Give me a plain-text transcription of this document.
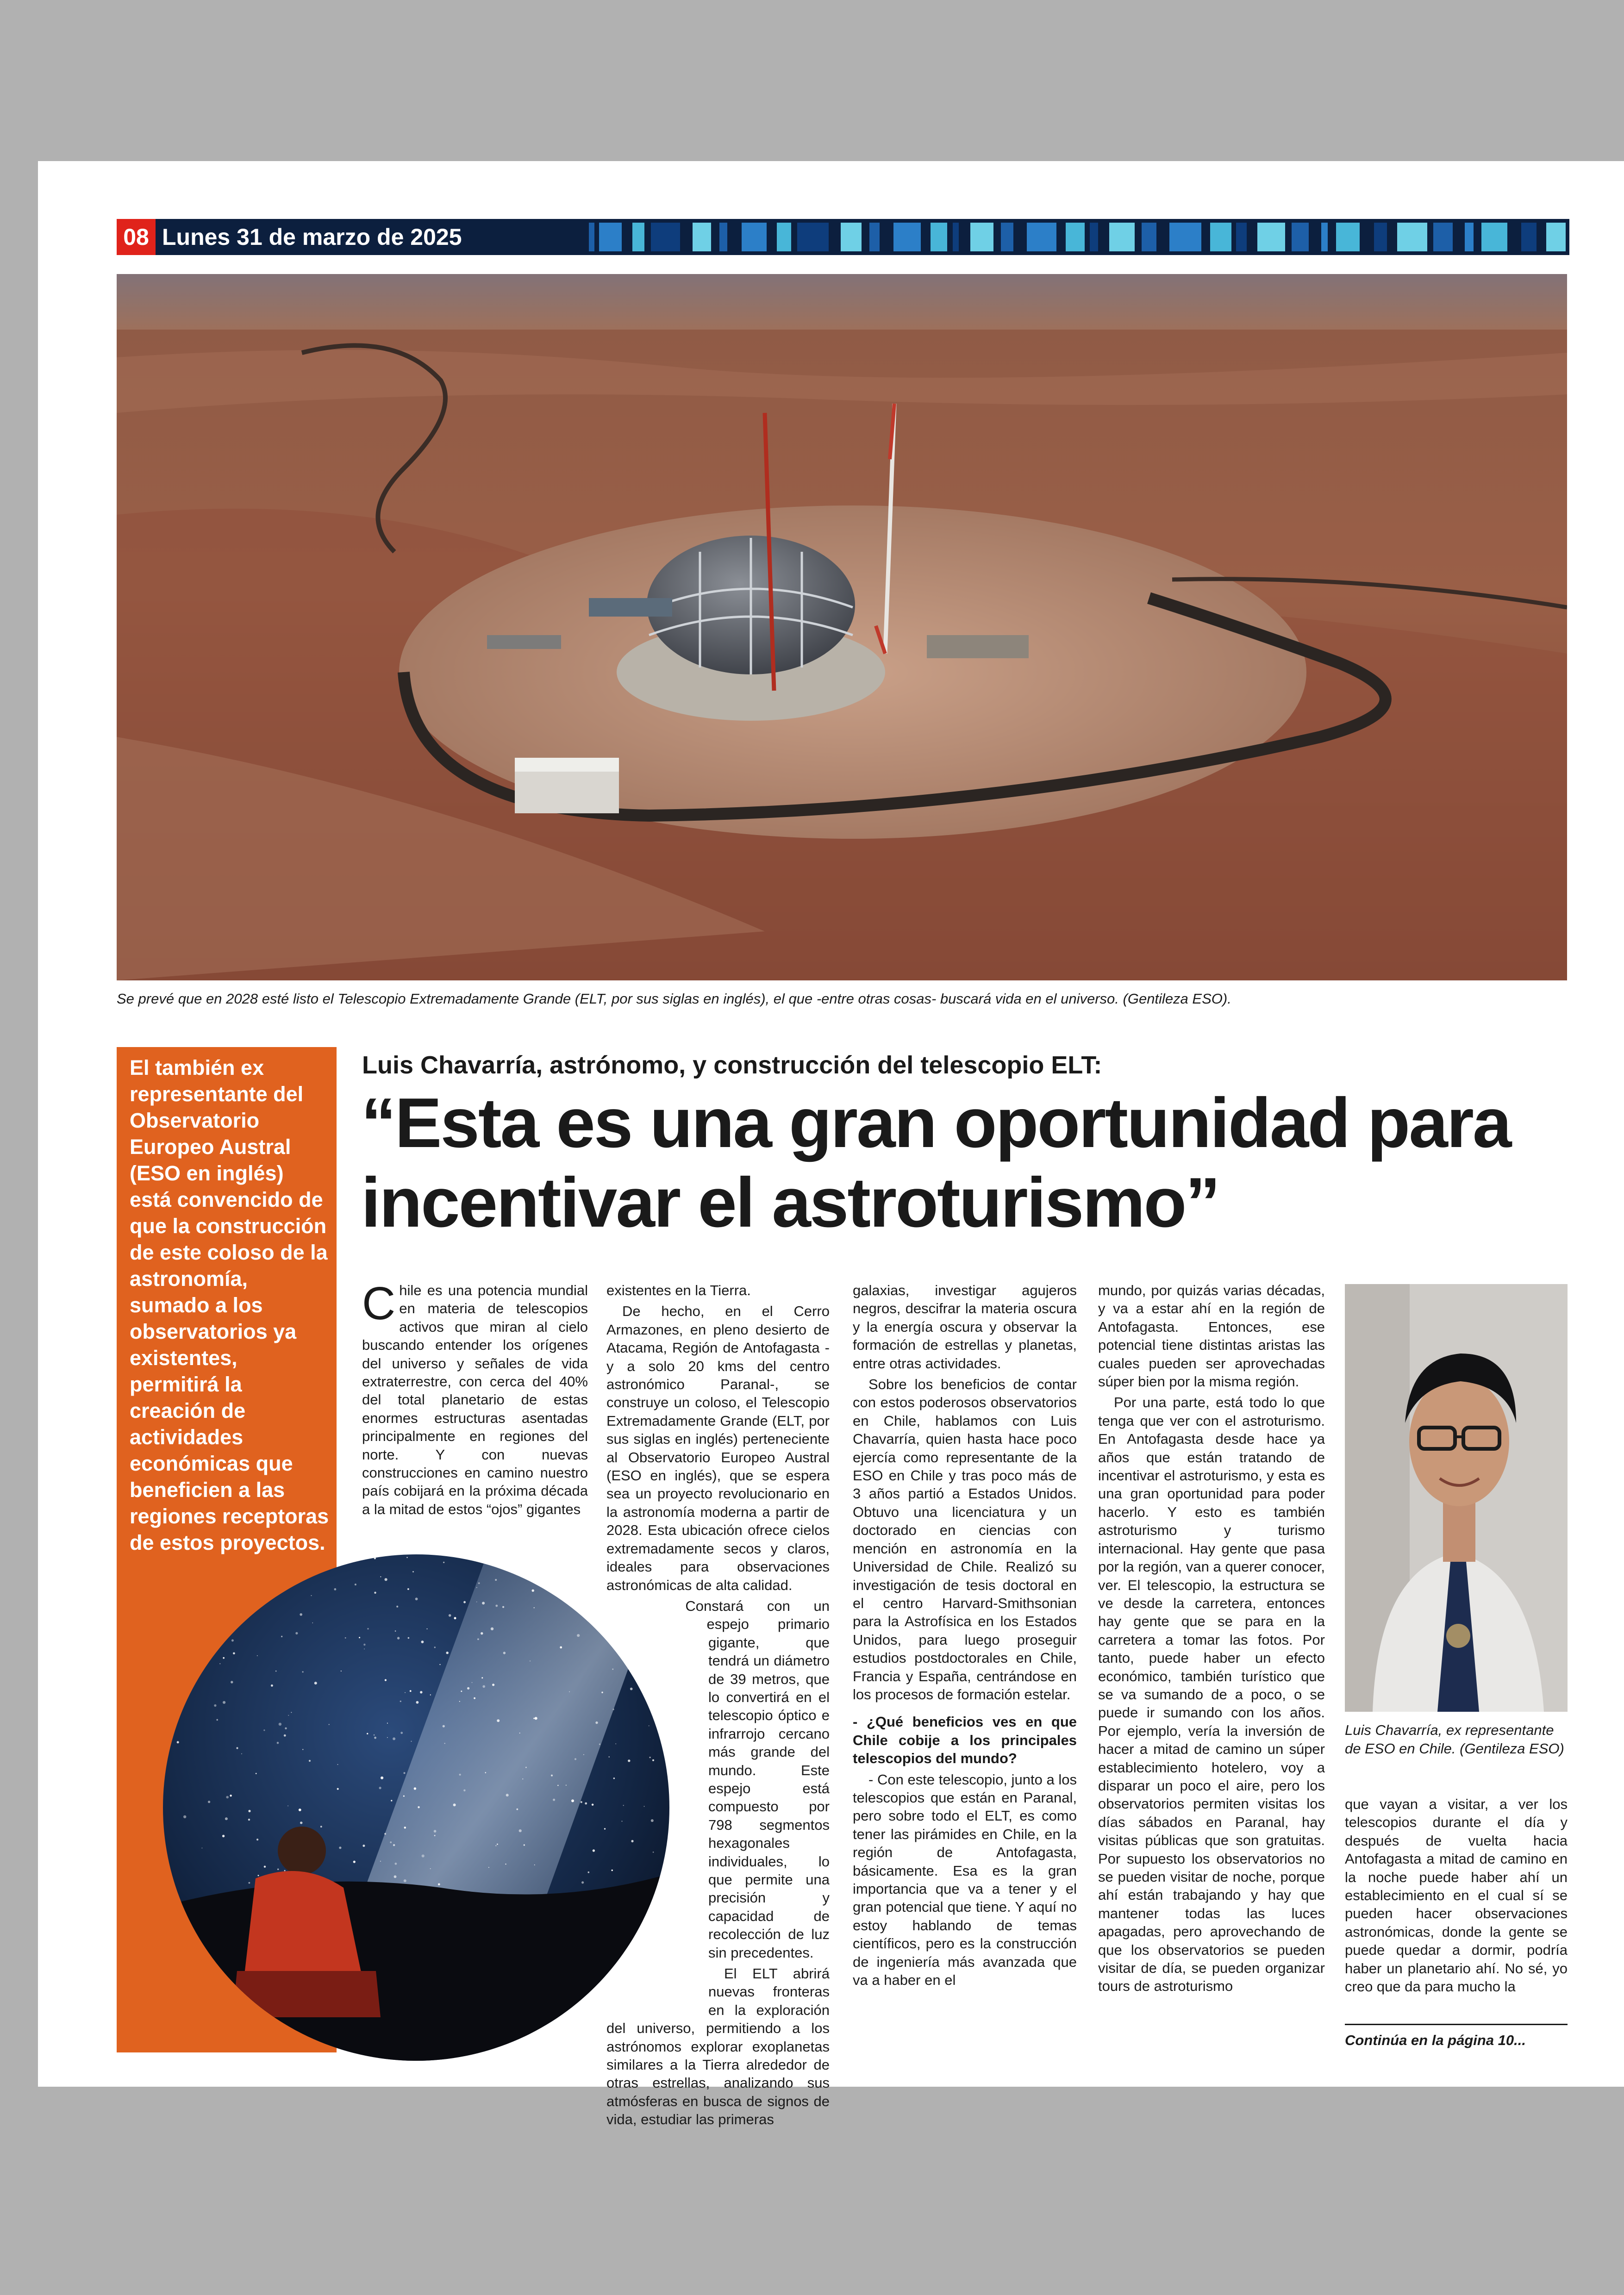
08 Lunes 31 de marzo de 2025
Se prevé que en 2028 esté listo el Telescopio Extremadamente Grande (ELT, por sus siglas en inglés), el que -entre otras cosas- buscará vida en el universo. (Gentileza ESO).
El también ex representante del Observatorio Europeo Austral (ESO en inglés) está convencido de que la construcción de este coloso de la astronomía, sumado a los observatorios ya existentes, permitirá la creación de actividades económicas que beneficien a las regiones receptoras de estos proyectos.
Luis Chavarría, astrónomo, y construcción del telescopio ELT:
“Esta es una gran oportunidad para incentivar el astroturismo”

Chile es una potencia mundial en materia de telescopios activos que miran al cielo buscando entender los orígenes del universo y señales de vida extraterrestre, con cerca del 40% del total planetario de estas enormes estructuras asentadas principalmente en regiones del norte. Y con nuevas construcciones en camino nuestro país cobijará en la próxima década a la mitad de estos “ojos” gigantes

existentes en la Tierra.

De hecho, en el Cerro Armazones, en pleno desierto de Atacama, Región de Antofagasta -y a solo 20 kms del centro astronómico Paranal-, se construye un coloso, el Telescopio Extremadamente Grande (ELT, por sus siglas en inglés) perteneciente al Observatorio Europeo Austral (ESO en inglés), que se espera sea un proyecto revolucionario en la astronomía moderna a partir de 2028. Esta ubicación ofrece cielos extremadamente secos y claros, ideales para observaciones astronómicas de alta calidad.

Constará con un espejo primario gigante, que tendrá un diámetro de 39 metros, que lo convertirá en el telescopio óptico e infrarrojo cercano más grande del mundo. Este espejo está compuesto por 798 segmentos hexagonales individuales, lo que permite una precisión y capacidad de recolección de luz sin precedentes.

El ELT abrirá nuevas fronteras en la exploración del universo, permitiendo a los astrónomos explorar exoplanetas similares a la Tierra alrededor de otras estrellas, analizando sus atmósferas en busca de signos de vida, estudiar las primeras

galaxias, investigar agujeros negros, descifrar la materia oscura y la energía oscura y observar la formación de estrellas y planetas, entre otras actividades.

Sobre los beneficios de contar con estos poderosos observatorios en Chile, hablamos con Luis Chavarría, quien hasta hace poco ejercía como representante de la ESO en Chile y tras poco más de 3 años partió a Estados Unidos. Obtuvo una licenciatura y un doctorado en ciencias con mención en astronomía en la Universidad de Chile. Realizó su investigación de tesis doctoral en el centro Harvard-Smithsonian para la Astrofísica en los Estados Unidos, para luego proseguir estudios postdoctorales en Chile, Francia y España, centrándose en los procesos de formación estelar.

- ¿Qué beneficios ves en que Chile cobije a los principales telescopios del mundo?

- Con este telescopio, junto a los telescopios que están en Paranal, pero sobre todo el ELT, es como tener las pirámides en Chile, en la región de Antofagasta, básicamente. Esa es la gran importancia que va a tener y el gran potencial que tiene. Y aquí no estoy hablando de temas científicos, pero es la construcción de ingeniería más avanzada que va a haber en el

mundo, por quizás varias décadas, y va a estar ahí en la región de Antofagasta. Entonces, ese potencial tiene distintas aristas las cuales pueden ser aprovechadas súper bien por la misma región.

Por una parte, está todo lo que tenga que ver con el astroturismo. En Antofagasta desde hace ya años que están tratando de incentivar el astroturismo, y esta es una gran oportunidad para poder hacerlo. Y esto es también astroturismo y turismo internacional. Hay gente que pasa por la región, van a querer conocer, ver. El telescopio, la estructura se ve desde la carretera, entonces hay gente que se para en la carretera a tomar las fotos. Por tanto, puede haber un efecto económico, también turístico que se va sumando de a poco, o se puede ir sumando con los años. Por ejemplo, vería la inversión de hacer a mitad de camino un súper establecimiento hotelero, voy a disparar un poco el aire, pero los observatorios permiten visitas los días sábados en Paranal, hay visitas públicas que son gratuitas. Por supuesto los observatorios no se pueden visitar de noche, porque ahí están trabajando y hay que mantener todas las luces apagadas, pero aprovechando de que los observatorios se pueden visitar de día, se pueden organizar tours de astroturismo

Luis Chavarría, ex representante de ESO en Chile. (Gentileza ESO)

que vayan a visitar, a ver los telescopios durante el día y después de vuelta hacia Antofagasta a mitad de camino en la noche puede haber ahí un establecimiento en el cual sí se pueden hacer observaciones astronómicas, donde la gente se puede quedar a dormir, podría haber un planetario ahí. No sé, yo creo que da para mucho la

Continúa en la página 10...
